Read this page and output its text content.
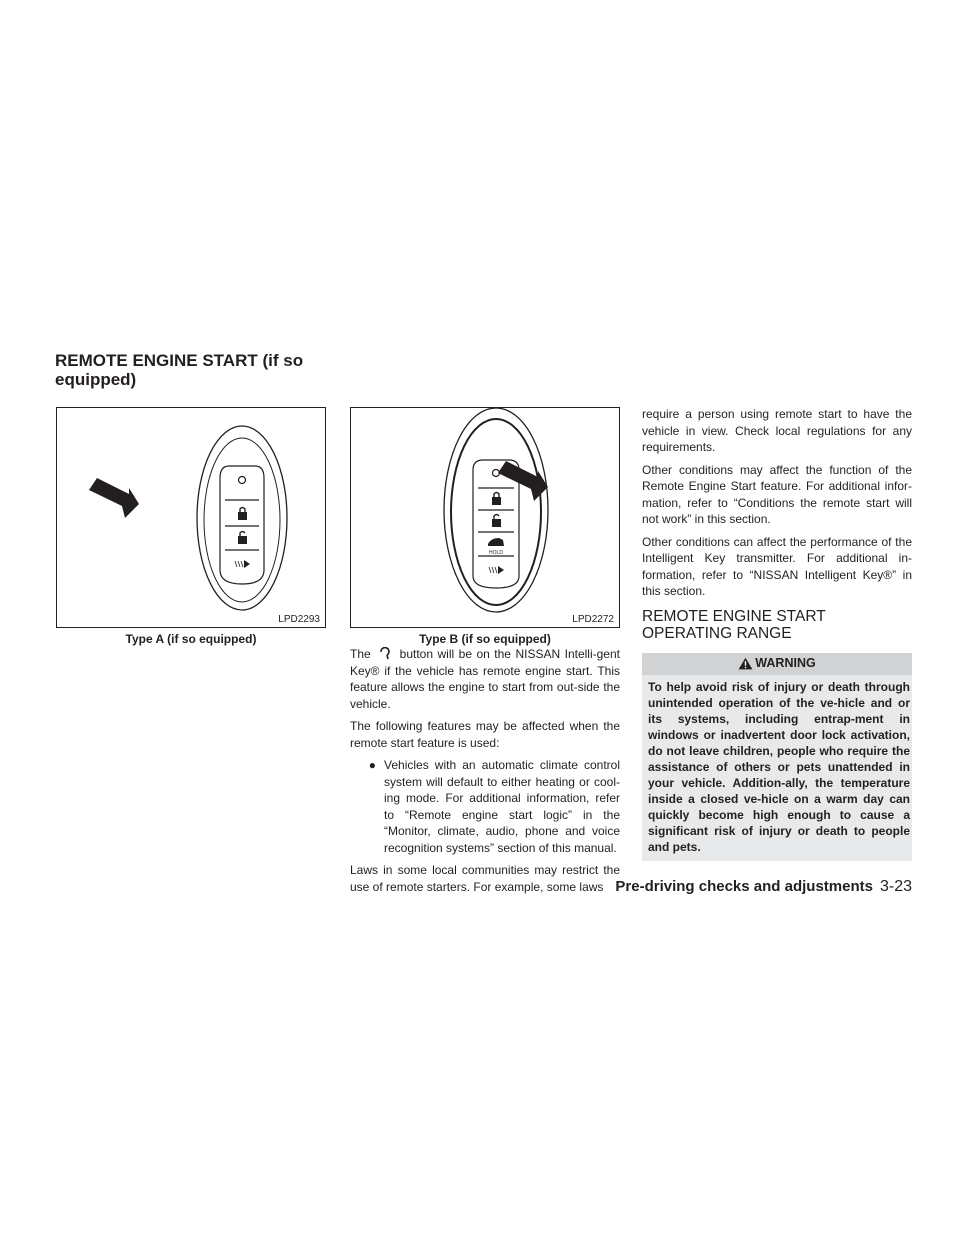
REMOTE ENGINE START (if so equipped)
LPD2293
Type A (if so equipped)
HOLD
LPD2272
Type B (if so equipped)

The button will be on the NISSAN Intelli-gent Key® if the vehicle has remote engine start. This feature allows the engine to start from out-side the vehicle.

The following features may be affected when the remote start feature is used:

● Vehicles with an automatic climate control system will default to either heating or cool-ing mode. For additional information, refer to “Remote engine start logic” in the “Monitor, climate, audio, phone and voice recognition systems” section of this manual.

Laws in some local communities may restrict the use of remote starters. For example, some laws

require a person using remote start to have the vehicle in view. Check local regulations for any requirements.

Other conditions may affect the function of the Remote Engine Start feature. For additional infor-mation, refer to “Conditions the remote start will not work” in this section.

Other conditions can affect the performance of the Intelligent Key transmitter. For additional in-formation, refer to “NISSAN Intelligent Key®” in this section.

REMOTE ENGINE START
OPERATING RANGE
WARNING
To help avoid risk of injury or death through unintended operation of the ve-hicle and or its systems, including entrap-ment in windows or inadvertent door lock activation, do not leave children, people who require the assistance of others or pets unattended in your vehicle. Addition-ally, the temperature inside a closed ve-hicle on a warm day can quickly become high enough to cause a significant risk of injury or death to people and pets.
Pre-driving checks and adjustments 3-23
